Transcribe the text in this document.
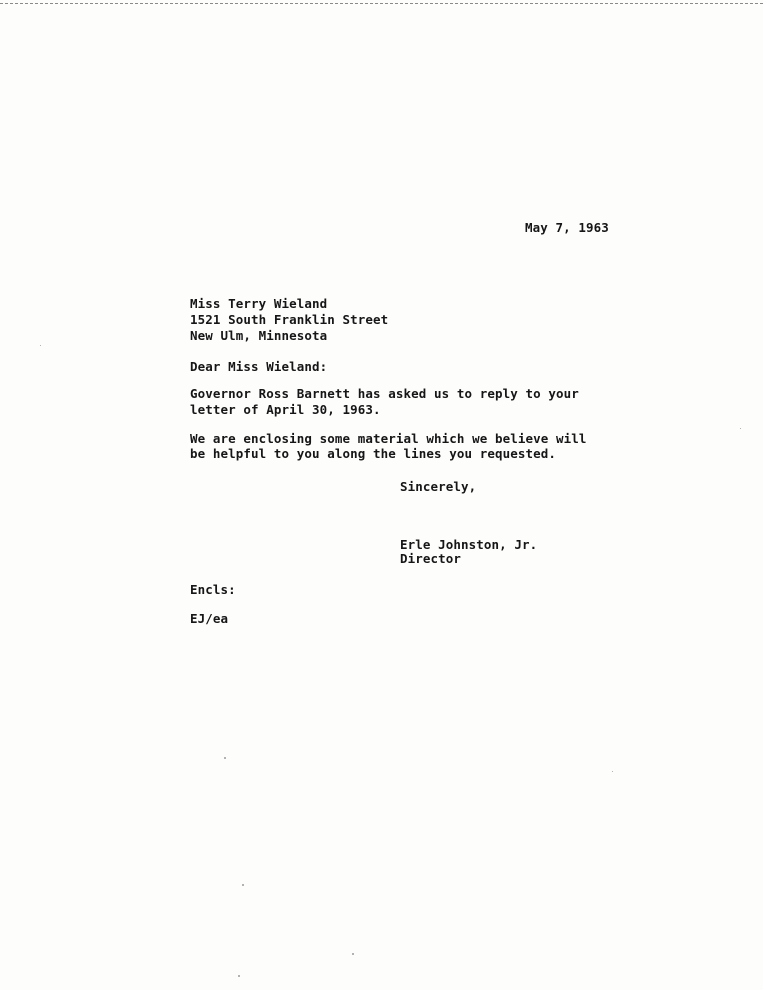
May 7, 1963
Miss Terry Wieland
1521 South Franklin Street
New Ulm, Minnesota
Dear Miss Wieland:
Governor Ross Barnett has asked us to reply to your
letter of April 30, 1963.
We are enclosing some material which we believe will
be helpful to you along the lines you requested.
Sincerely,
Erle Johnston, Jr.
Director
Encls:
EJ/ea
